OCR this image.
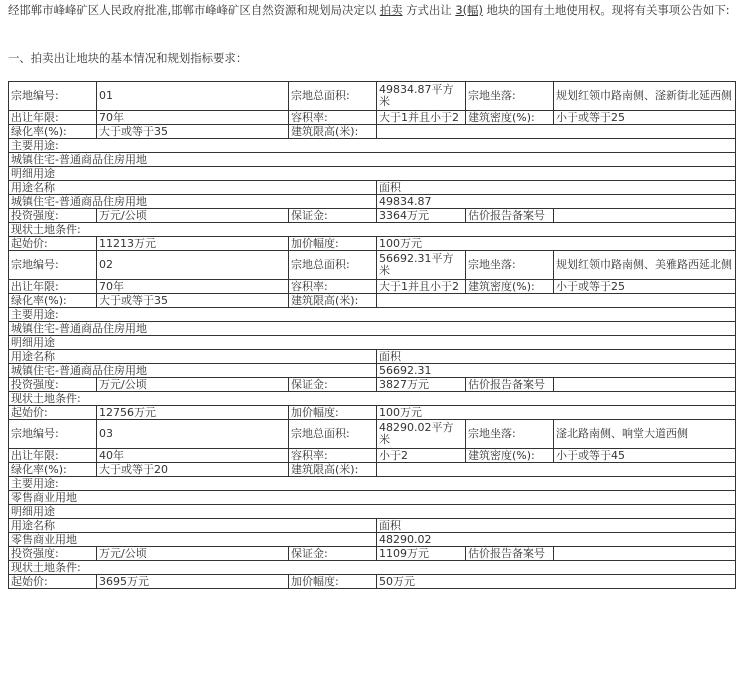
经邯郸市峰峰矿区人民政府批准,邯郸市峰峰矿区自然资源和规划局决定以 拍卖 方式出让 3(幅) 地块的国有土地使用权。现将有关事项公告如下:

一、拍卖出让地块的基本情况和规划指标要求：

宗地编号:	01	宗地总面积:	49834.87平方米	宗地坐落:	规划红领巾路南侧、滏新街北延西侧
出让年限:	70年	容积率:	大于1并且小于2	建筑密度(%):	小于或等于25
绿化率(%):	大于或等于35	建筑限高(米):			
主要用途:					
城镇住宅-普通商品住房用地					
明细用途					
用途名称			面积		
城镇住宅-普通商品住房用地			49834.87		
投资强度:	万元/公顷	保证金:	3364万元	估价报告备案号	
现状土地条件:					
起始价:	11213万元	加价幅度:	100万元		
宗地编号:	02	宗地总面积:	56692.31平方米	宗地坐落:	规划红领巾路南侧、美雅路西延北侧
出让年限:	70年	容积率:	大于1并且小于2	建筑密度(%):	小于或等于25
绿化率(%):	大于或等于35	建筑限高(米):			
主要用途:					
城镇住宅-普通商品住房用地					
明细用途					
用途名称			面积		
城镇住宅-普通商品住房用地			56692.31		
投资强度:	万元/公顷	保证金:	3827万元	估价报告备案号	
现状土地条件:					
起始价:	12756万元	加价幅度:	100万元		
宗地编号:	03	宗地总面积:	48290.02平方米	宗地坐落:	滏北路南侧、响堂大道西侧
出让年限:	40年	容积率:	小于2	建筑密度(%):	小于或等于45
绿化率(%):	大于或等于20	建筑限高(米):			
主要用途:					
零售商业用地					
明细用途					
用途名称			面积		
零售商业用地			48290.02		
投资强度:	万元/公顷	保证金:	1109万元	估价报告备案号	
现状土地条件:					
起始价:	3695万元	加价幅度:	50万元		
